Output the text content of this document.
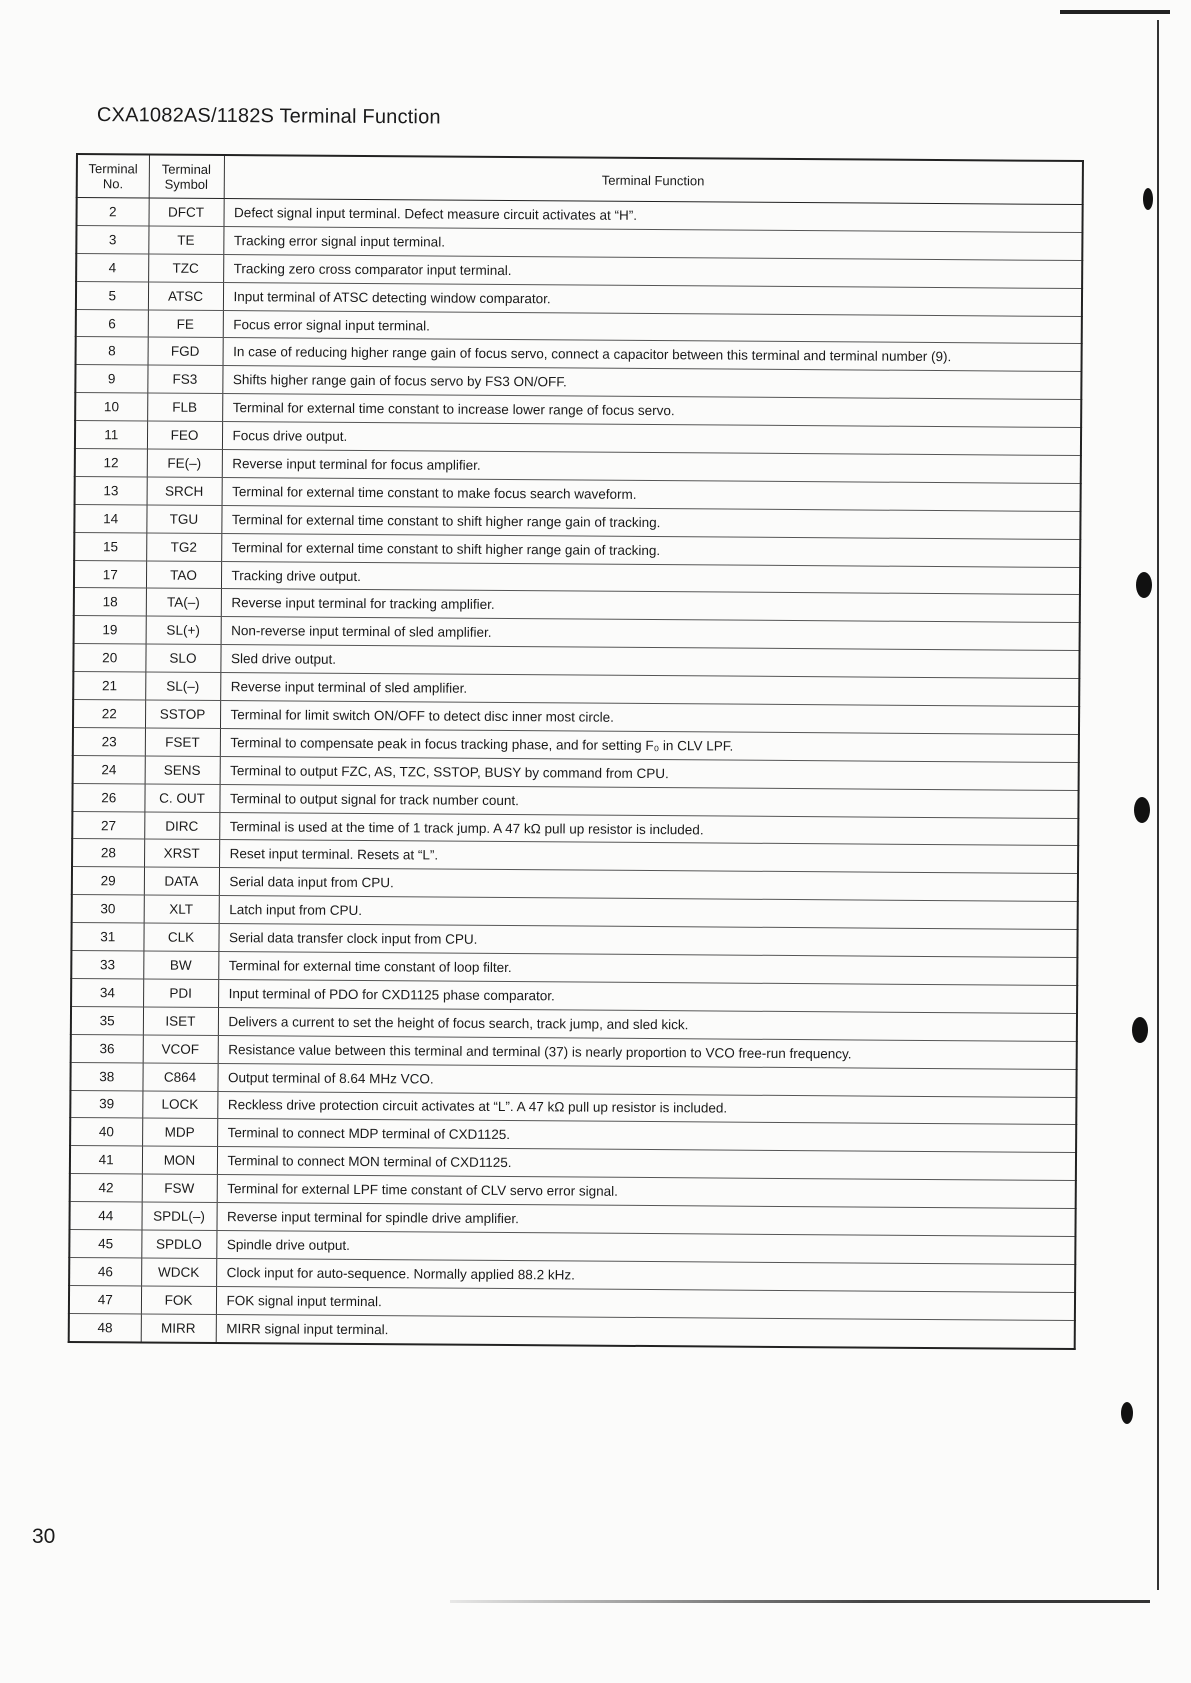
CXA1082AS/1182S Terminal Function
Terminal No.	Terminal Symbol	Terminal Function
2	DFCT	Defect signal input terminal. Defect measure circuit activates at “H”.
3	TE	Tracking error signal input terminal.
4	TZC	Tracking zero cross comparator input terminal.
5	ATSC	Input terminal of ATSC detecting window comparator.
6	FE	Focus error signal input terminal.
8	FGD	In case of reducing higher range gain of focus servo, connect a capacitor between this terminal and terminal number (9).
9	FS3	Shifts higher range gain of focus servo by FS3 ON/OFF.
10	FLB	Terminal for external time constant to increase lower range of focus servo.
11	FEO	Focus drive output.
12	FE(–)	Reverse input terminal for focus amplifier.
13	SRCH	Terminal for external time constant to make focus search waveform.
14	TGU	Terminal for external time constant to shift higher range gain of tracking.
15	TG2	Terminal for external time constant to shift higher range gain of tracking.
17	TAO	Tracking drive output.
18	TA(–)	Reverse input terminal for tracking amplifier.
19	SL(+)	Non-reverse input terminal of sled amplifier.
20	SLO	Sled drive output.
21	SL(–)	Reverse input terminal of sled amplifier.
22	SSTOP	Terminal for limit switch ON/OFF to detect disc inner most circle.
23	FSET	Terminal to compensate peak in focus tracking phase, and for setting F₀ in CLV LPF.
24	SENS	Terminal to output FZC, AS, TZC, SSTOP, BUSY by command from CPU.
26	C. OUT	Terminal to output signal for track number count.
27	DIRC	Terminal is used at the time of 1 track jump. A 47 kΩ pull up resistor is included.
28	XRST	Reset input terminal. Resets at “L”.
29	DATA	Serial data input from CPU.
30	XLT	Latch input from CPU.
31	CLK	Serial data transfer clock input from CPU.
33	BW	Terminal for external time constant of loop filter.
34	PDI	Input terminal of PDO for CXD1125 phase comparator.
35	ISET	Delivers a current to set the height of focus search, track jump, and sled kick.
36	VCOF	Resistance value between this terminal and terminal (37) is nearly proportion to VCO free-run frequency.
38	C864	Output terminal of 8.64 MHz VCO.
39	LOCK	Reckless drive protection circuit activates at “L”. A 47 kΩ pull up resistor is included.
40	MDP	Terminal to connect MDP terminal of CXD1125.
41	MON	Terminal to connect MON terminal of CXD1125.
42	FSW	Terminal for external LPF time constant of CLV servo error signal.
44	SPDL(–)	Reverse input terminal for spindle drive amplifier.
45	SPDLO	Spindle drive output.
46	WDCK	Clock input for auto-sequence. Normally applied 88.2 kHz.
47	FOK	FOK signal input terminal.
48	MIRR	MIRR signal input terminal.
30
